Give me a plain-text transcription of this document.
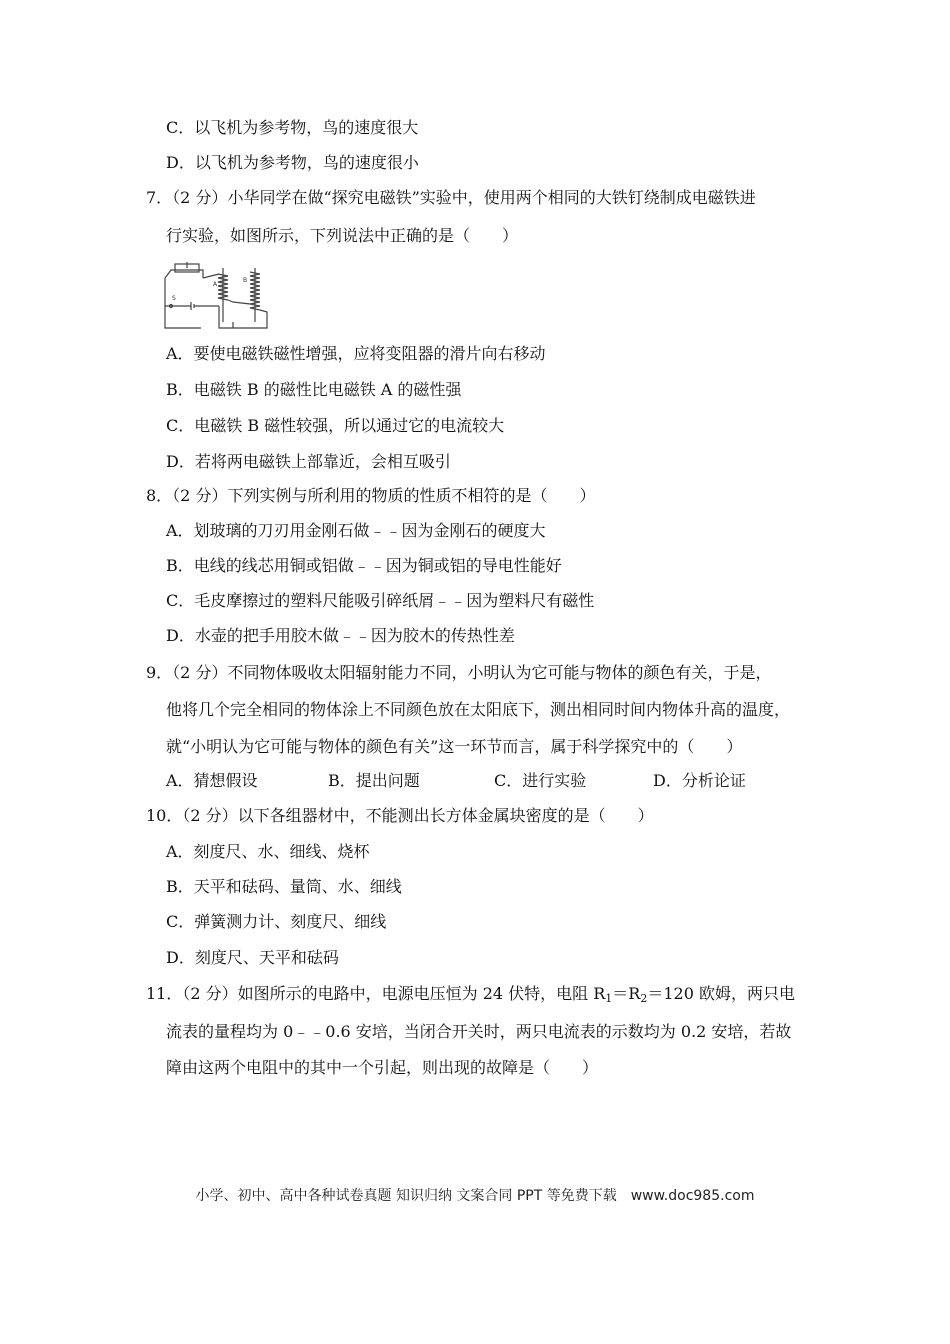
C．以飞机为参考物，鸟的速度很大
D．以飞机为参考物，鸟的速度很小
7．（2 分）小华同学在做“探究电磁铁”实验中，使用两个相同的大铁钉绕制成电磁铁进
行实验，如图所示，下列说法中正确的是（　　）
A
B
S
A．要使电磁铁磁性增强，应将变阻器的滑片向右移动
B．电磁铁 B 的磁性比电磁铁 A 的磁性强
C．电磁铁 B 磁性较强，所以通过它的电流较大
D．若将两电磁铁上部靠近，会相互吸引
8．（2 分）下列实例与所利用的物质的性质不相符的是（　　）
A．划玻璃的刀刃用金刚石做﹣﹣因为金刚石的硬度大
B．电线的线芯用铜或铝做﹣﹣因为铜或铝的导电性能好
C．毛皮摩擦过的塑料尺能吸引碎纸屑﹣﹣因为塑料尺有磁性
D．水壶的把手用胶木做﹣﹣因为胶木的传热性差
9．（2 分）不同物体吸收太阳辐射能力不同，小明认为它可能与物体的颜色有关，于是，
他将几个完全相同的物体涂上不同颜色放在太阳底下，测出相同时间内物体升高的温度，
就“小明认为它可能与物体的颜色有关”这一环节而言，属于科学探究中的（　　）
A．猜想假设	B．提出问题	C．进行实验	D．分析论证
10．（2 分）以下各组器材中，不能测出长方体金属块密度的是（　　）
A．刻度尺、水、细线、烧杯
B．天平和砝码、量筒、水、细线
C．弹簧测力计、刻度尺、细线
D．刻度尺、天平和砝码
11．（2 分）如图所示的电路中，电源电压恒为 24 伏特，电阻 $R_1=R_2=120$ 欧姆，两只电
流表的量程均为 0﹣﹣0.6 安培，当闭合开关时，两只电流表的示数均为 0.2 安培，若故
障由这两个电阻中的其中一个引起，则出现的故障是（　　）
小学、初中、高中各种试卷真题 知识归纳 文案合同 PPT 等免费下载　www.doc985.com
